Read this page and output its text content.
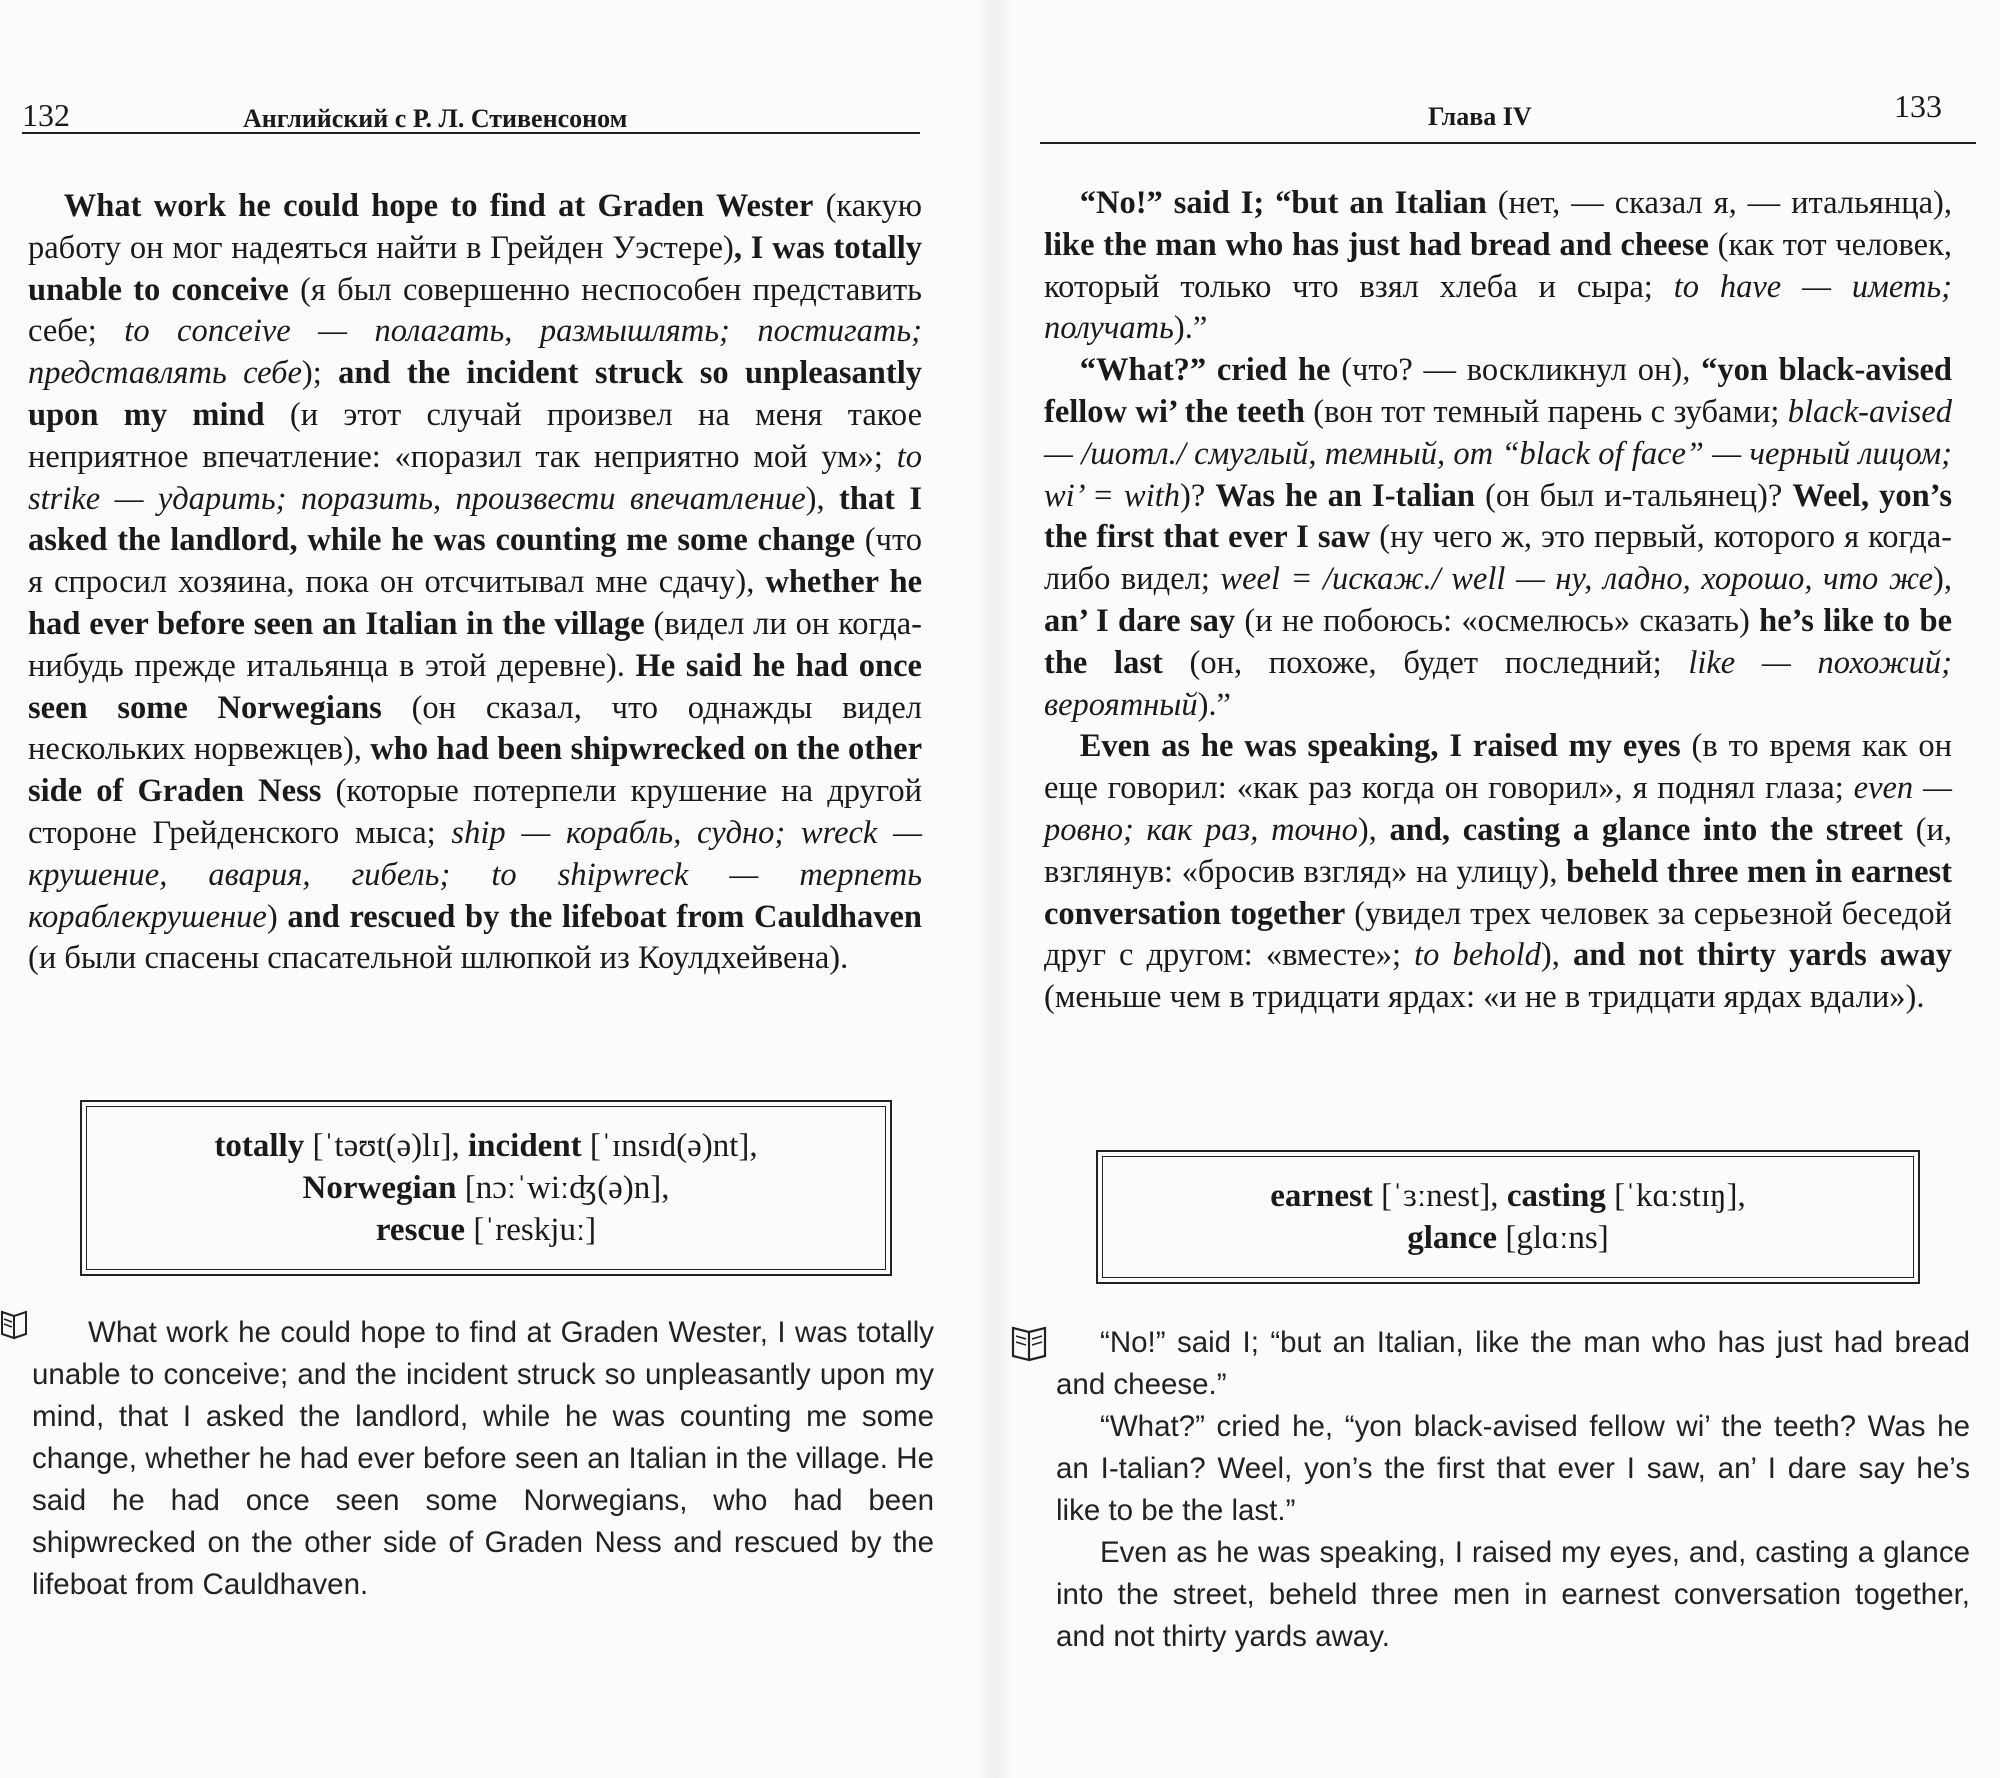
132	Английский с Р. Л. Стивенсоном
What work he could hope to find at Graden Wester (какую работу он мог надеяться найти в Грейден Уэстере), I was totally unable to conceive (я был совершенно неспособен представить себе; to conceive — полагать, размышлять; постигать; представлять себе); and the incident struck so unpleasantly upon my mind (и этот случай произвел на меня такое неприятное впечатление: «поразил так неприятно мой ум»; to strike — ударить; поразить, произвести впечатление), that I asked the landlord, while he was counting me some change (что я спросил хозяина, пока он отсчитывал мне сдачу), whether he had ever before seen an Italian in the village (видел ли он когда-нибудь прежде итальянца в этой деревне). He said he had once seen some Norwegians (он сказал, что однажды видел нескольких норвежцев), who had been shipwrecked on the other side of Graden Ness (которые потерпели крушение на другой стороне Грейденского мыса; ship — корабль, судно; wreck — крушение, авария, гибель; to shipwreck — терпеть кораблекрушение) and rescued by the lifeboat from Cauldhaven (и были спасены спасательной шлюпкой из Коулдхейвена).
totally [ˈtəʊt(ə)lɪ], incident [ˈɪnsɪd(ə)nt],
Norwegian [nɔːˈwiːʤ(ə)n],
rescue [ˈreskjuː]
What work he could hope to find at Graden Wester, I was totally unable to conceive; and the incident struck so unpleasantly upon my mind, that I asked the landlord, while he was counting me some change, whether he had ever before seen an Italian in the village. He said he had once seen some Norwegians, who had been shipwrecked on the other side of Graden Ness and rescued by the lifeboat from Cauldhaven.
Глава IV	133
“No!” said I; “but an Italian (нет, — сказал я, — итальянца), like the man who has just had bread and cheese (как тот человек, который только что взял хлеба и сыра; to have — иметь; получать).”
“What?” cried he (что? — воскликнул он), “yon black-avised fellow wi’ the teeth (вон тот темный парень с зубами; black-avised — /шотл./ смуглый, темный, от “black of face” — черный лицом; wi’ = with)? Was he an I-talian (он был и-тальянец)? Weel, yon’s the first that ever I saw (ну чего ж, это первый, которого я когда-либо видел; weel = /искаж./ well — ну, ладно, хорошо, что же), an’ I dare say (и не побоюсь: «осмелюсь» сказать) he’s like to be the last (он, похоже, будет последний; like — похожий; вероятный).”
Even as he was speaking, I raised my eyes (в то время как он еще говорил: «как раз когда он говорил», я поднял глаза; even — ровно; как раз, точно), and, casting a glance into the street (и, взглянув: «бросив взгляд» на улицу), beheld three men in earnest conversation together (увидел трех человек за серьезной беседой друг с другом: «вместе»; to behold), and not thirty yards away (меньше чем в тридцати ярдах: «и не в тридцати ярдах вдали»).
earnest [ˈɜːnest], casting [ˈkɑːstɪŋ],
glance [glɑːns]

“No!” said I; “but an Italian, like the man who has just had bread and cheese.”

“What?” cried he, “yon black-avised fellow wi’ the teeth? Was he an I-talian? Weel, yon’s the first that ever I saw, an’ I dare say he’s like to be the last.”

Even as he was speaking, I raised my eyes, and, casting a glance into the street, beheld three men in earnest conversation together, and not thirty yards away.
